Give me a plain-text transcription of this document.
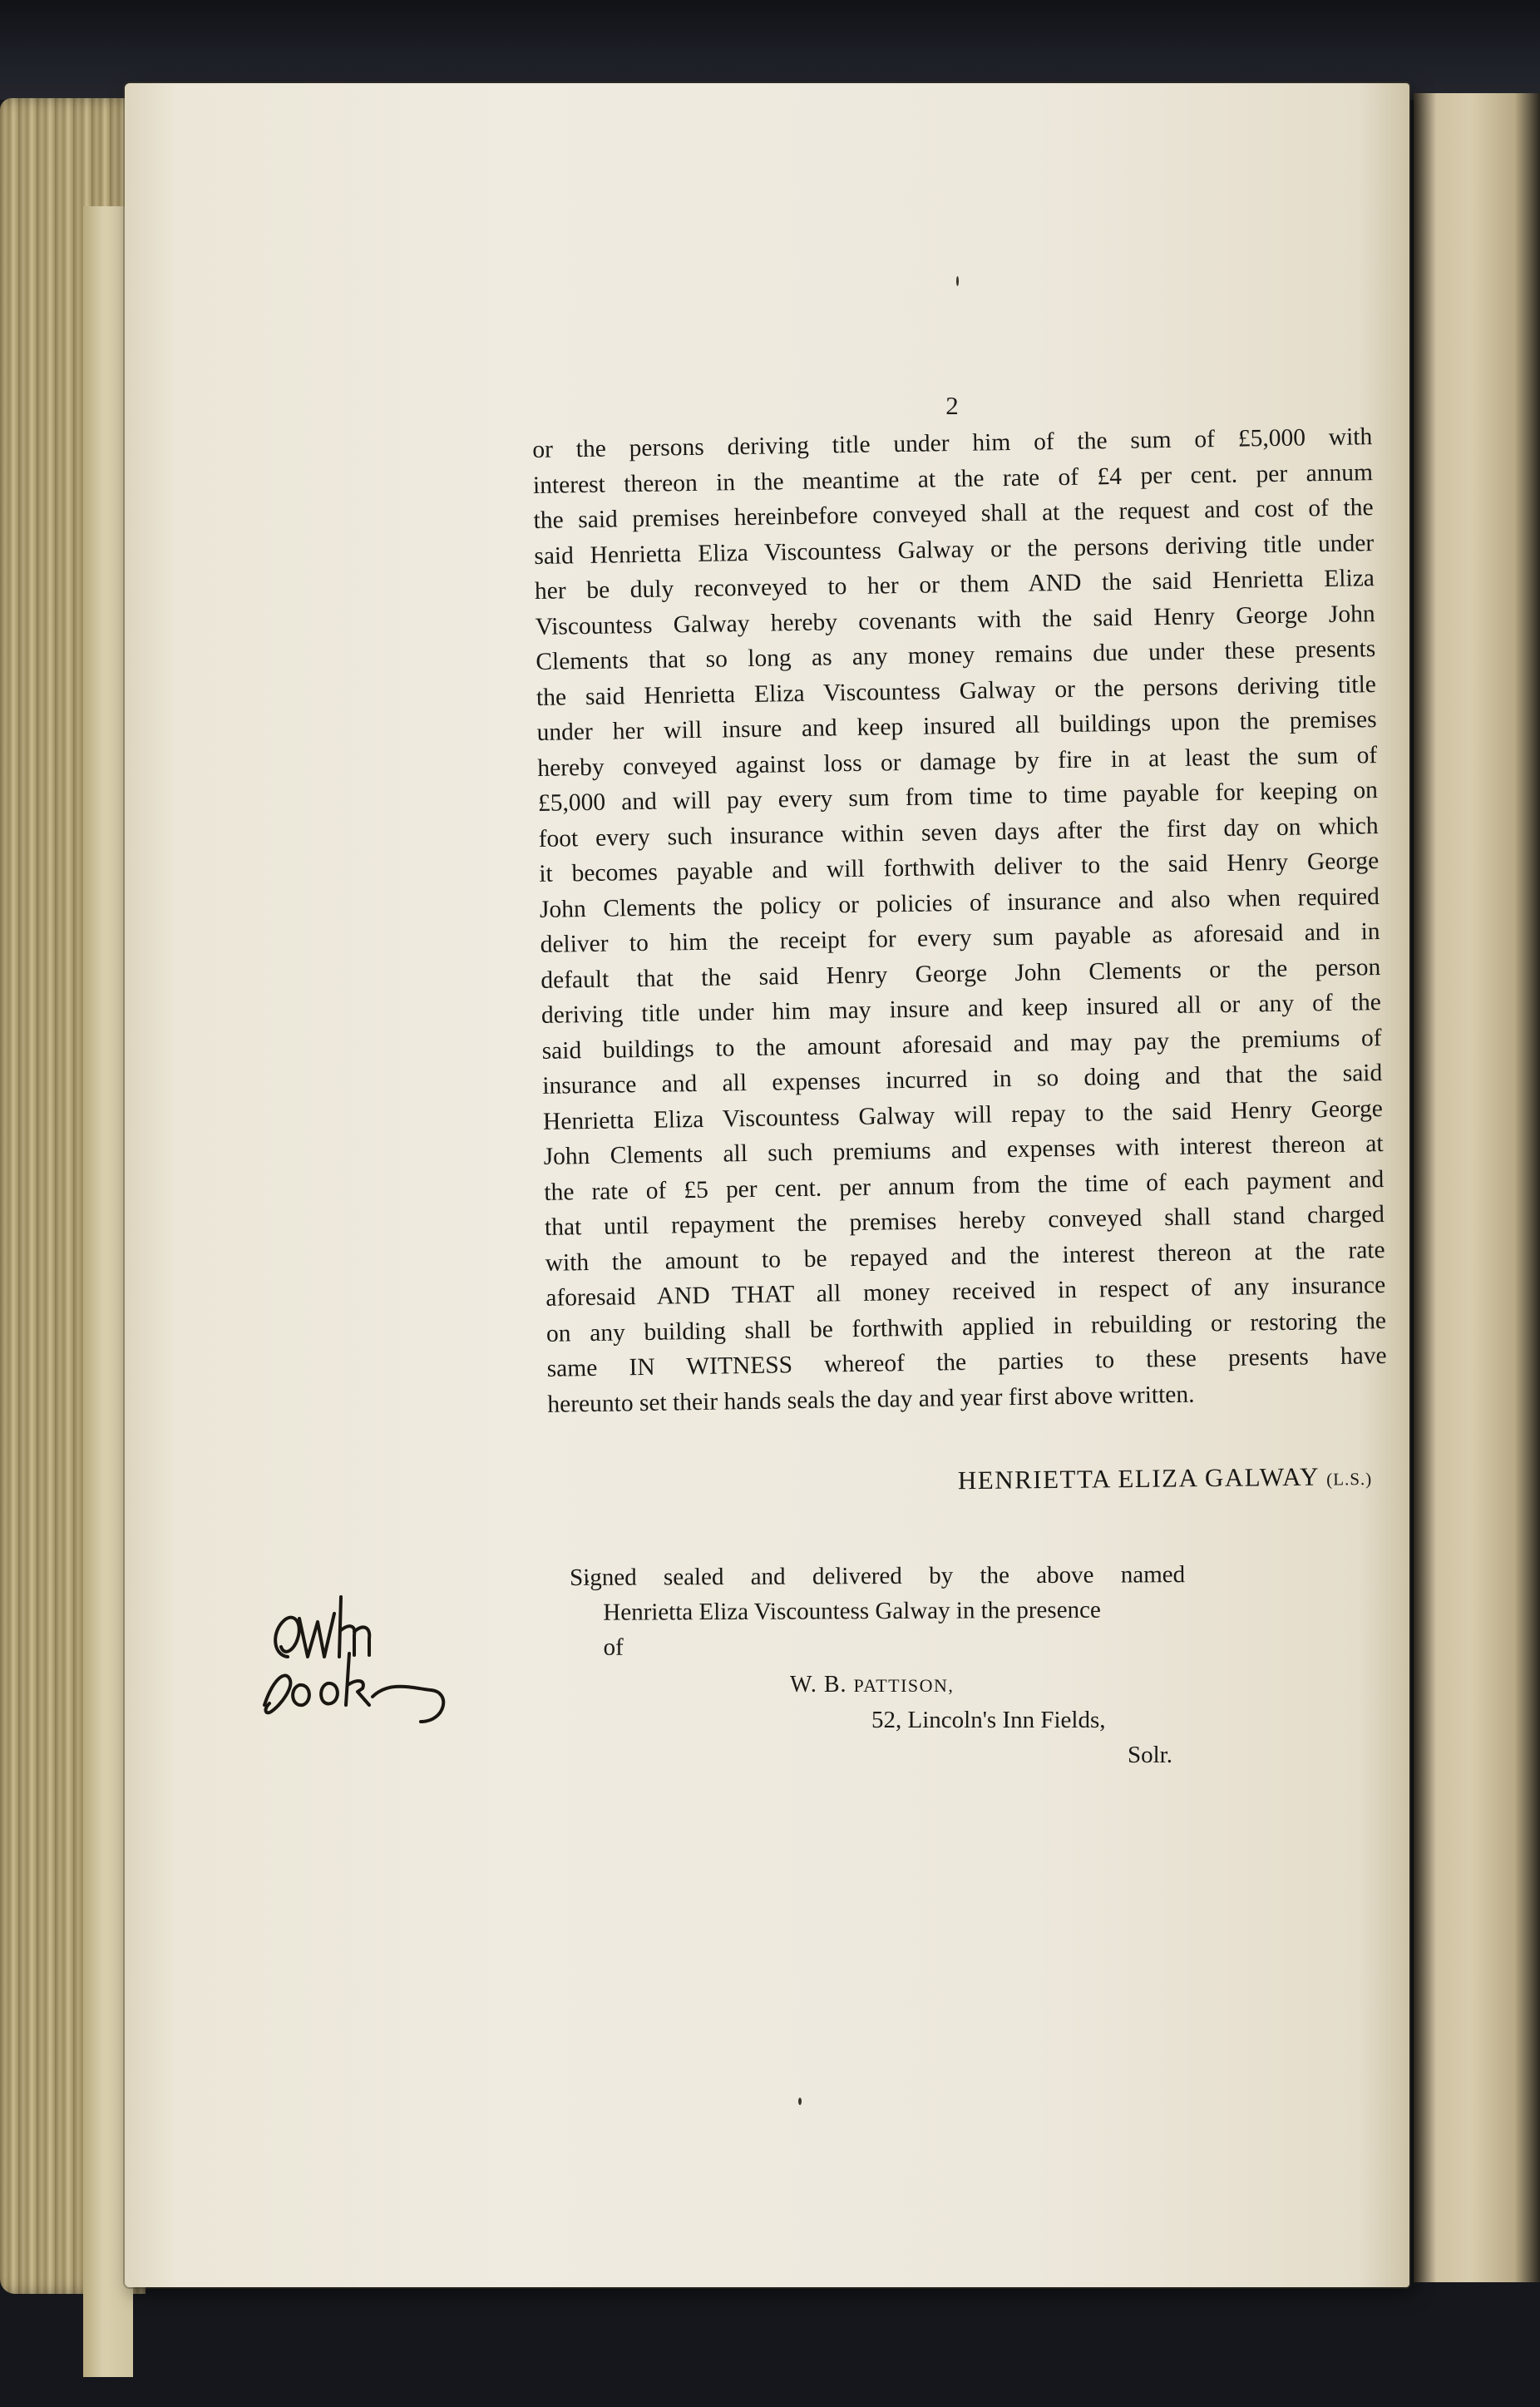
2
or the persons deriving title under him of the sum of £5,000 with
interest thereon in the meantime at the rate of £4 per cent. per annum
the said premises hereinbefore conveyed shall at the request and cost of the
said Henrietta Eliza Viscountess Galway or the persons deriving title under
her be duly reconveyed to her or them AND the said Henrietta Eliza
Viscountess Galway hereby covenants with the said Henry George John
Clements that so long as any money remains due under these presents
the said Henrietta Eliza Viscountess Galway or the persons deriving title
under her will insure and keep insured all buildings upon the premises
hereby conveyed against loss or damage by fire in at least the sum of
£5,000 and will pay every sum from time to time payable for keeping on
foot every such insurance within seven days after the first day on which
it becomes payable and will forthwith deliver to the said Henry George
John Clements the policy or policies of insurance and also when required
deliver to him the receipt for every sum payable as aforesaid and in
default that the said Henry George John Clements or the person
deriving title under him may insure and keep insured all or any of the
said buildings to the amount aforesaid and may pay the premiums of
insurance and all expenses incurred in so doing and that the said
Henrietta Eliza Viscountess Galway will repay to the said Henry George
John Clements all such premiums and expenses with interest thereon at
the rate of £5 per cent. per annum from the time of each payment and
that until repayment the premises hereby conveyed shall stand charged
with the amount to be repayed and the interest thereon at the rate
aforesaid AND THAT all money received in respect of any insurance
on any building shall be forthwith applied in rebuilding or restoring the
same IN WITNESS whereof the parties to these presents have
hereunto set their hands seals the day and year first above written.
HENRIETTA ELIZA GALWAY (L.S.)
Signed sealed and delivered by the above named
Henrietta Eliza Viscountess Galway in the presence
of
W. B. PATTISON,
52, Lincoln's Inn Fields,
Solr.
